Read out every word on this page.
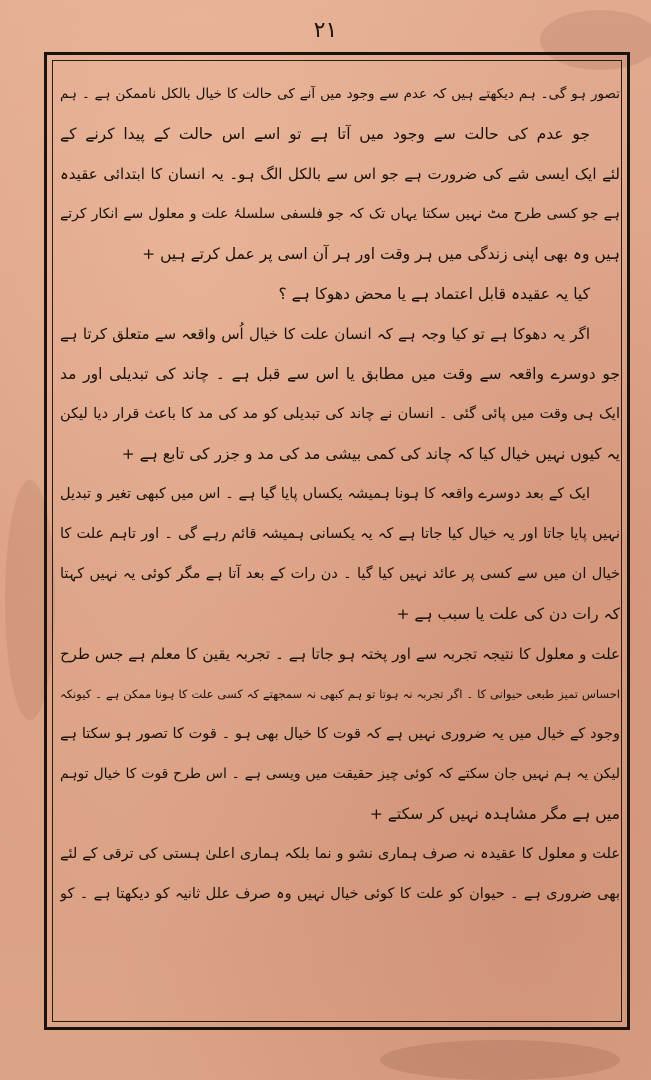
۲۱
تصور ہو گی۔ ہم دیکھتے ہیں کہ عدم سے وجود میں آنے کی حالت کا خیال بالکل ناممکن ہے ۔ ہم
جو عدم کی حالت سے وجود میں آتا ہے تو اسے اس حالت کے پیدا کرنے کے
لئے ایک ایسی شے کی ضرورت ہے جو اس سے بالکل الگ ہو۔ یہ انسان کا ابتدائی عقیدہ
ہے جو کسی طرح مٹ نہیں سکتا یہاں تک کہ جو فلسفی سلسلۂ علت و معلول سے انکار کرتے
ہیں وہ بھی اپنی زندگی میں ہر وقت اور ہر آن اسی پر عمل کرتے ہیں +
کیا یہ عقیدہ قابل اعتماد ہے یا محض دھوکا ہے ؟
اگر یہ دھوکا ہے تو کیا وجہ ہے کہ انسان علت کا خیال اُس واقعہ سے متعلق کرتا ہے
جو دوسرے واقعہ سے وقت میں مطابق یا اس سے قبل ہے ۔ چاند کی تبدیلی اور مد
ایک ہی وقت میں پائی گئی ۔ انسان نے چاند کی تبدیلی کو مد کی مد کا باعث قرار دیا لیکن
یہ کیوں نہیں خیال کیا کہ چاند کی کمی بیشی مد کی مد و جزر کی تابع ہے +
ایک کے بعد دوسرے واقعہ کا ہونا ہمیشہ یکساں پایا گیا ہے ۔ اس میں کبھی تغیر و تبدیل
نہیں پایا جاتا اور یہ خیال کیا جاتا ہے کہ یہ یکسانی ہمیشہ قائم رہے گی ۔ اور تاہم علت کا
خیال ان میں سے کسی پر عائد نہیں کیا گیا ۔ دن رات کے بعد آتا ہے مگر کوئی یہ نہیں کہتا
کہ رات دن کی علت یا سبب ہے +
علت و معلول کا نتیجہ تجربہ سے اور پختہ ہو جاتا ہے ۔ تجربہ یقین کا معلم ہے جس طرح
احساس تمیز طبعی حیوانی کا ۔ اگر تجربہ نہ ہوتا تو ہم کبھی نہ سمجھتے کہ کسی علت کا ہونا ممکن ہے ۔ کیونکہ
وجود کے خیال میں یہ ضروری نہیں ہے کہ قوت کا خیال بھی ہو ۔ قوت کا تصور ہو سکتا ہے
لیکن یہ ہم نہیں جان سکتے کہ کوئی چیز حقیقت میں ویسی ہے ۔ اس طرح قوت کا خیال توہم
میں ہے مگر مشاہدہ نہیں کر سکتے +
علت و معلول کا عقیدہ نہ صرف ہماری نشو و نما بلکہ ہماری اعلیٰ ہستی کی ترقی کے لئے
بھی ضروری ہے ۔ حیوان کو علت کا کوئی خیال نہیں وہ صرف علل ثانیہ کو دیکھتا ہے ۔ کو
